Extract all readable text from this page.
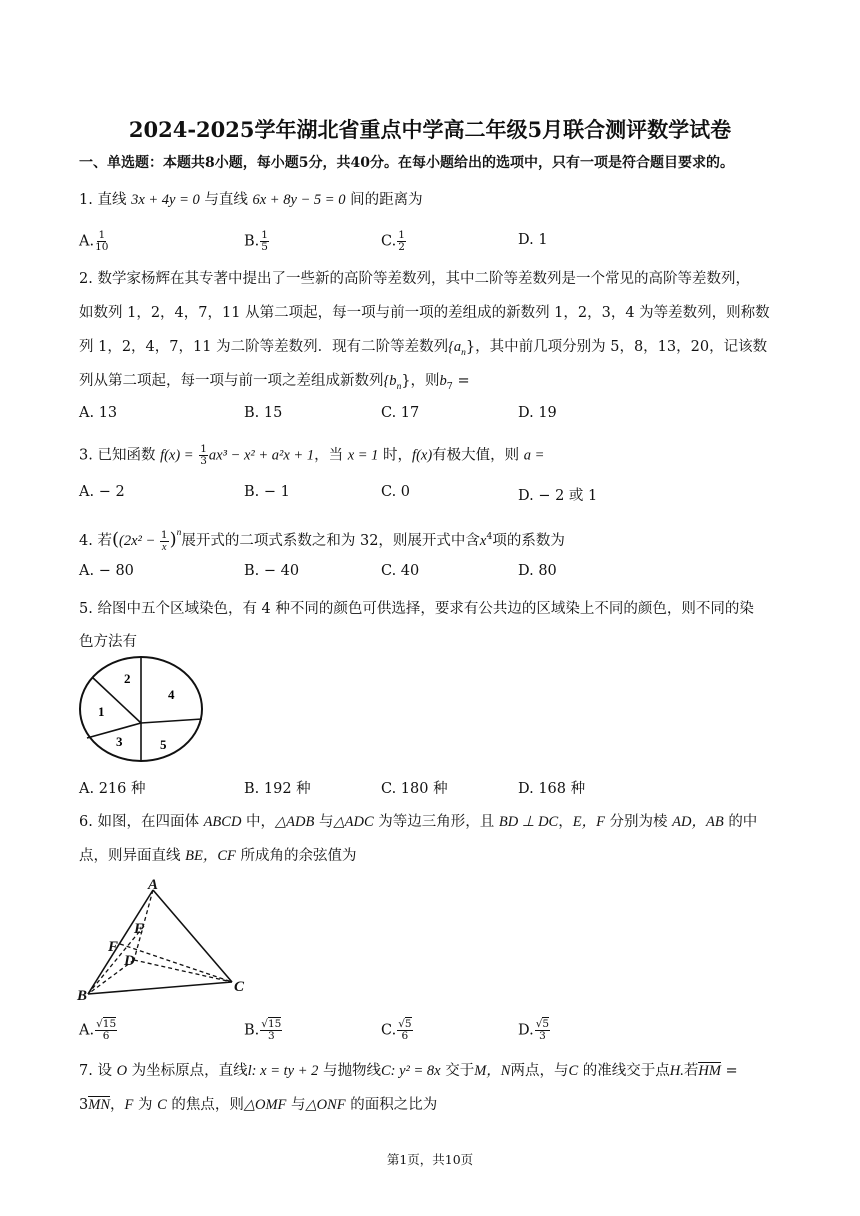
2024-2025学年湖北省重点中学高二年级5月联合测评数学试卷
一、单选题：本题共8小题，每小题5分，共40分。在每小题给出的选项中，只有一项是符合题目要求的。
1. 直线 3x + 4y = 0 与直线 6x + 8y − 5 = 0 间的距离为
A. $\frac{1}{10}$	B. $\frac{1}{5}$	C. $\frac{1}{2}$	D. 1
2. 数学家杨辉在其专著中提出了一些新的高阶等差数列，其中二阶等差数列是一个常见的高阶等差数列，
如数列 1，2，4，7，11 从第二项起，每一项与前一项的差组成的新数列 1，2，3，4 为等差数列，则称数
列 1，2，4，7，11 为二阶等差数列．现有二阶等差数列$\{a_n\}$，其中前几项分别为 5，8，13，20，记该数
列从第二项起，每一项与前一项之差组成新数列$\{b_n\}$，则$b_7$ =
A. 13	B. 15	C. 17	D. 19
3. 已知函数 $f(x) = \frac{1}{3} ax^3 - x^2 + a^2x + 1$，当 x = 1 时，f(x)有极大值，则 a =
A. − 2	B. − 1	C. 0	D. − 2 或 1
4. 若($(2x^2 - \frac{1}{x} )^n$展开式的二项式系数之和为 32，则展开式中含$x^4$项的系数为
A. − 80	B. − 40	C. 40	D. 80
5. 给图中五个区域染色，有 4 种不同的颜色可供选择，要求有公共边的区域染上不同的颜色，则不同的染
色方法有
1
2
3
4
5
A. 216 种	B. 192 种	C. 180 种	D. 168 种
6. 如图，在四面体 ABCD 中，△ADB 与△ADC 为等边三角形，且 BD ⊥ DC，E，F 分别为棱 AD，AB 的中
点，则异面直线 BE，CF 所成角的余弦值为
A
B
C
D
E
F
A. $\frac{√15}{6}$	B. $\frac{√15}{3}$	C. $\frac{√5}{6}$	D. $\frac{√5}{3}$
7. 设 O 为坐标原点，直线l: x = ty + 2 与抛物线C: y² = 8x 交于M，N两点，与C 的准线交于点H.若HM =
3MN，F 为 C 的焦点，则△OMF 与△ONF 的面积之比为
第1页，共10页
